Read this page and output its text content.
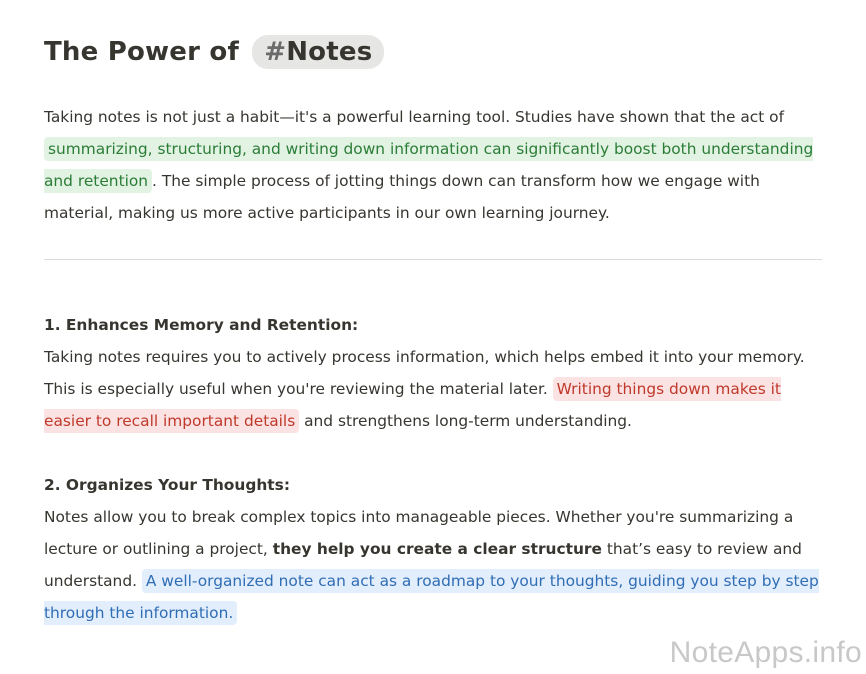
The Power of #Notes

Taking notes is not just a habit—it's a powerful learning tool. Studies have shown that the act of summarizing, structuring, and writing down information can significantly boost both understanding and retention . The simple process of jotting things down can transform how we engage with material, making us more active participants in our own learning journey.

1. Enhances Memory and Retention:

Taking notes requires you to actively process information, which helps embed it into your memory. This is especially useful when you're reviewing the material later. Writing things down makes it easier to recall important details and strengthens long-term understanding.

2. Organizes Your Thoughts:

Notes allow you to break complex topics into manageable pieces. Whether you're summarizing a lecture or outlining a project, they help you create a clear structure that’s easy to review and understand. A well-organized note can act as a roadmap to your thoughts, guiding you step by step through the information.

NoteApps.info
